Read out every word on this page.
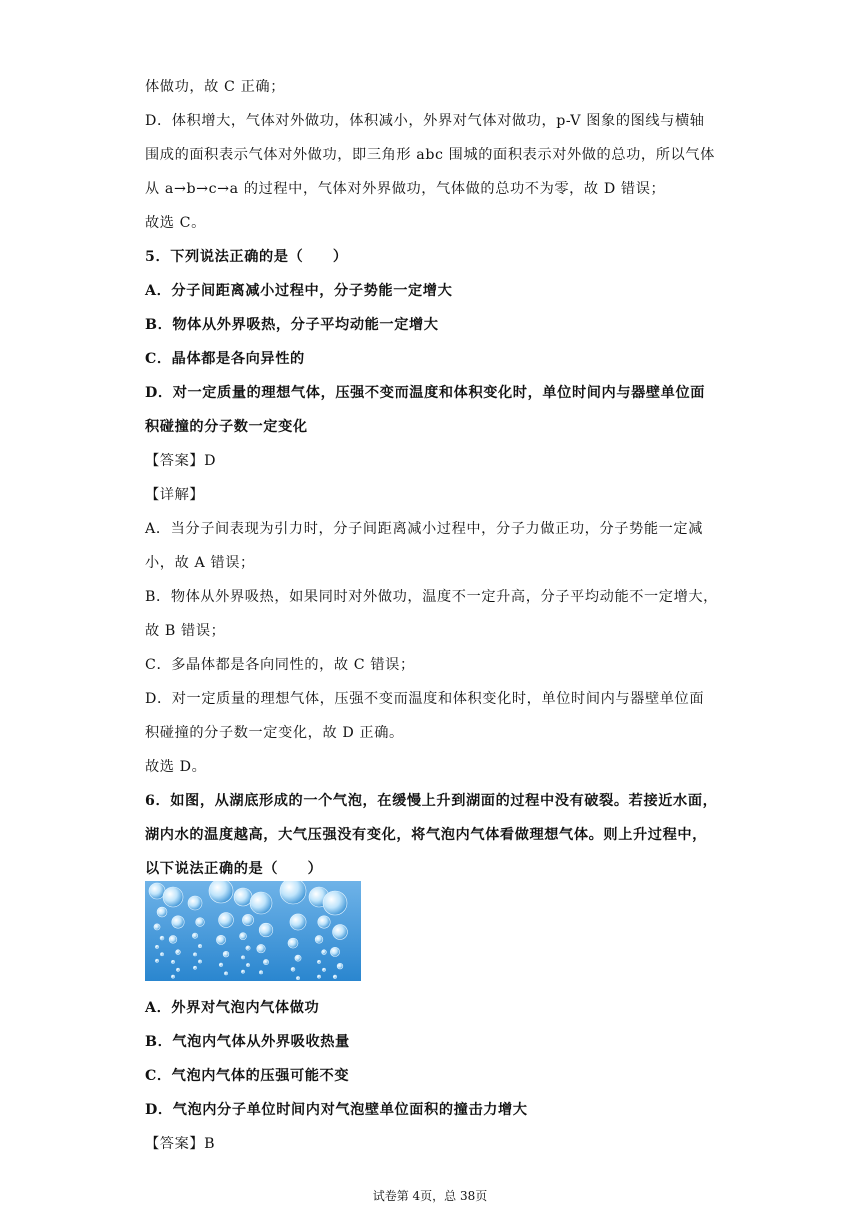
体做功，故 C 正确；
D．体积增大，气体对外做功，体积减小，外界对气体对做功，p-V 图象的图线与横轴
围成的面积表示气体对外做功，即三角形 abc 围城的面积表示对外做的总功，所以气体
从 a→b→c→a 的过程中，气体对外界做功，气体做的总功不为零，故 D 错误；
故选 C。
5．下列说法正确的是（　　）
A．分子间距离减小过程中，分子势能一定增大
B．物体从外界吸热，分子平均动能一定增大
C．晶体都是各向异性的
D．对一定质量的理想气体，压强不变而温度和体积变化时，单位时间内与器壁单位面
积碰撞的分子数一定变化
【答案】D
【详解】
A．当分子间表现为引力时，分子间距离减小过程中，分子力做正功，分子势能一定减
小，故 A 错误；
B．物体从外界吸热，如果同时对外做功，温度不一定升高，分子平均动能不一定增大，
故 B 错误；
C．多晶体都是各向同性的，故 C 错误；
D．对一定质量的理想气体，压强不变而温度和体积变化时，单位时间内与器壁单位面
积碰撞的分子数一定变化，故 D 正确。
故选 D。
6．如图，从湖底形成的一个气泡，在缓慢上升到湖面的过程中没有破裂。若接近水面，
湖内水的温度越高，大气压强没有变化，将气泡内气体看做理想气体。则上升过程中，
以下说法正确的是（　　）
A．外界对气泡内气体做功
B．气泡内气体从外界吸收热量
C．气泡内气体的压强可能不变
D．气泡内分子单位时间内对气泡壁单位面积的撞击力增大
【答案】B
试卷第 4页，总 38页
